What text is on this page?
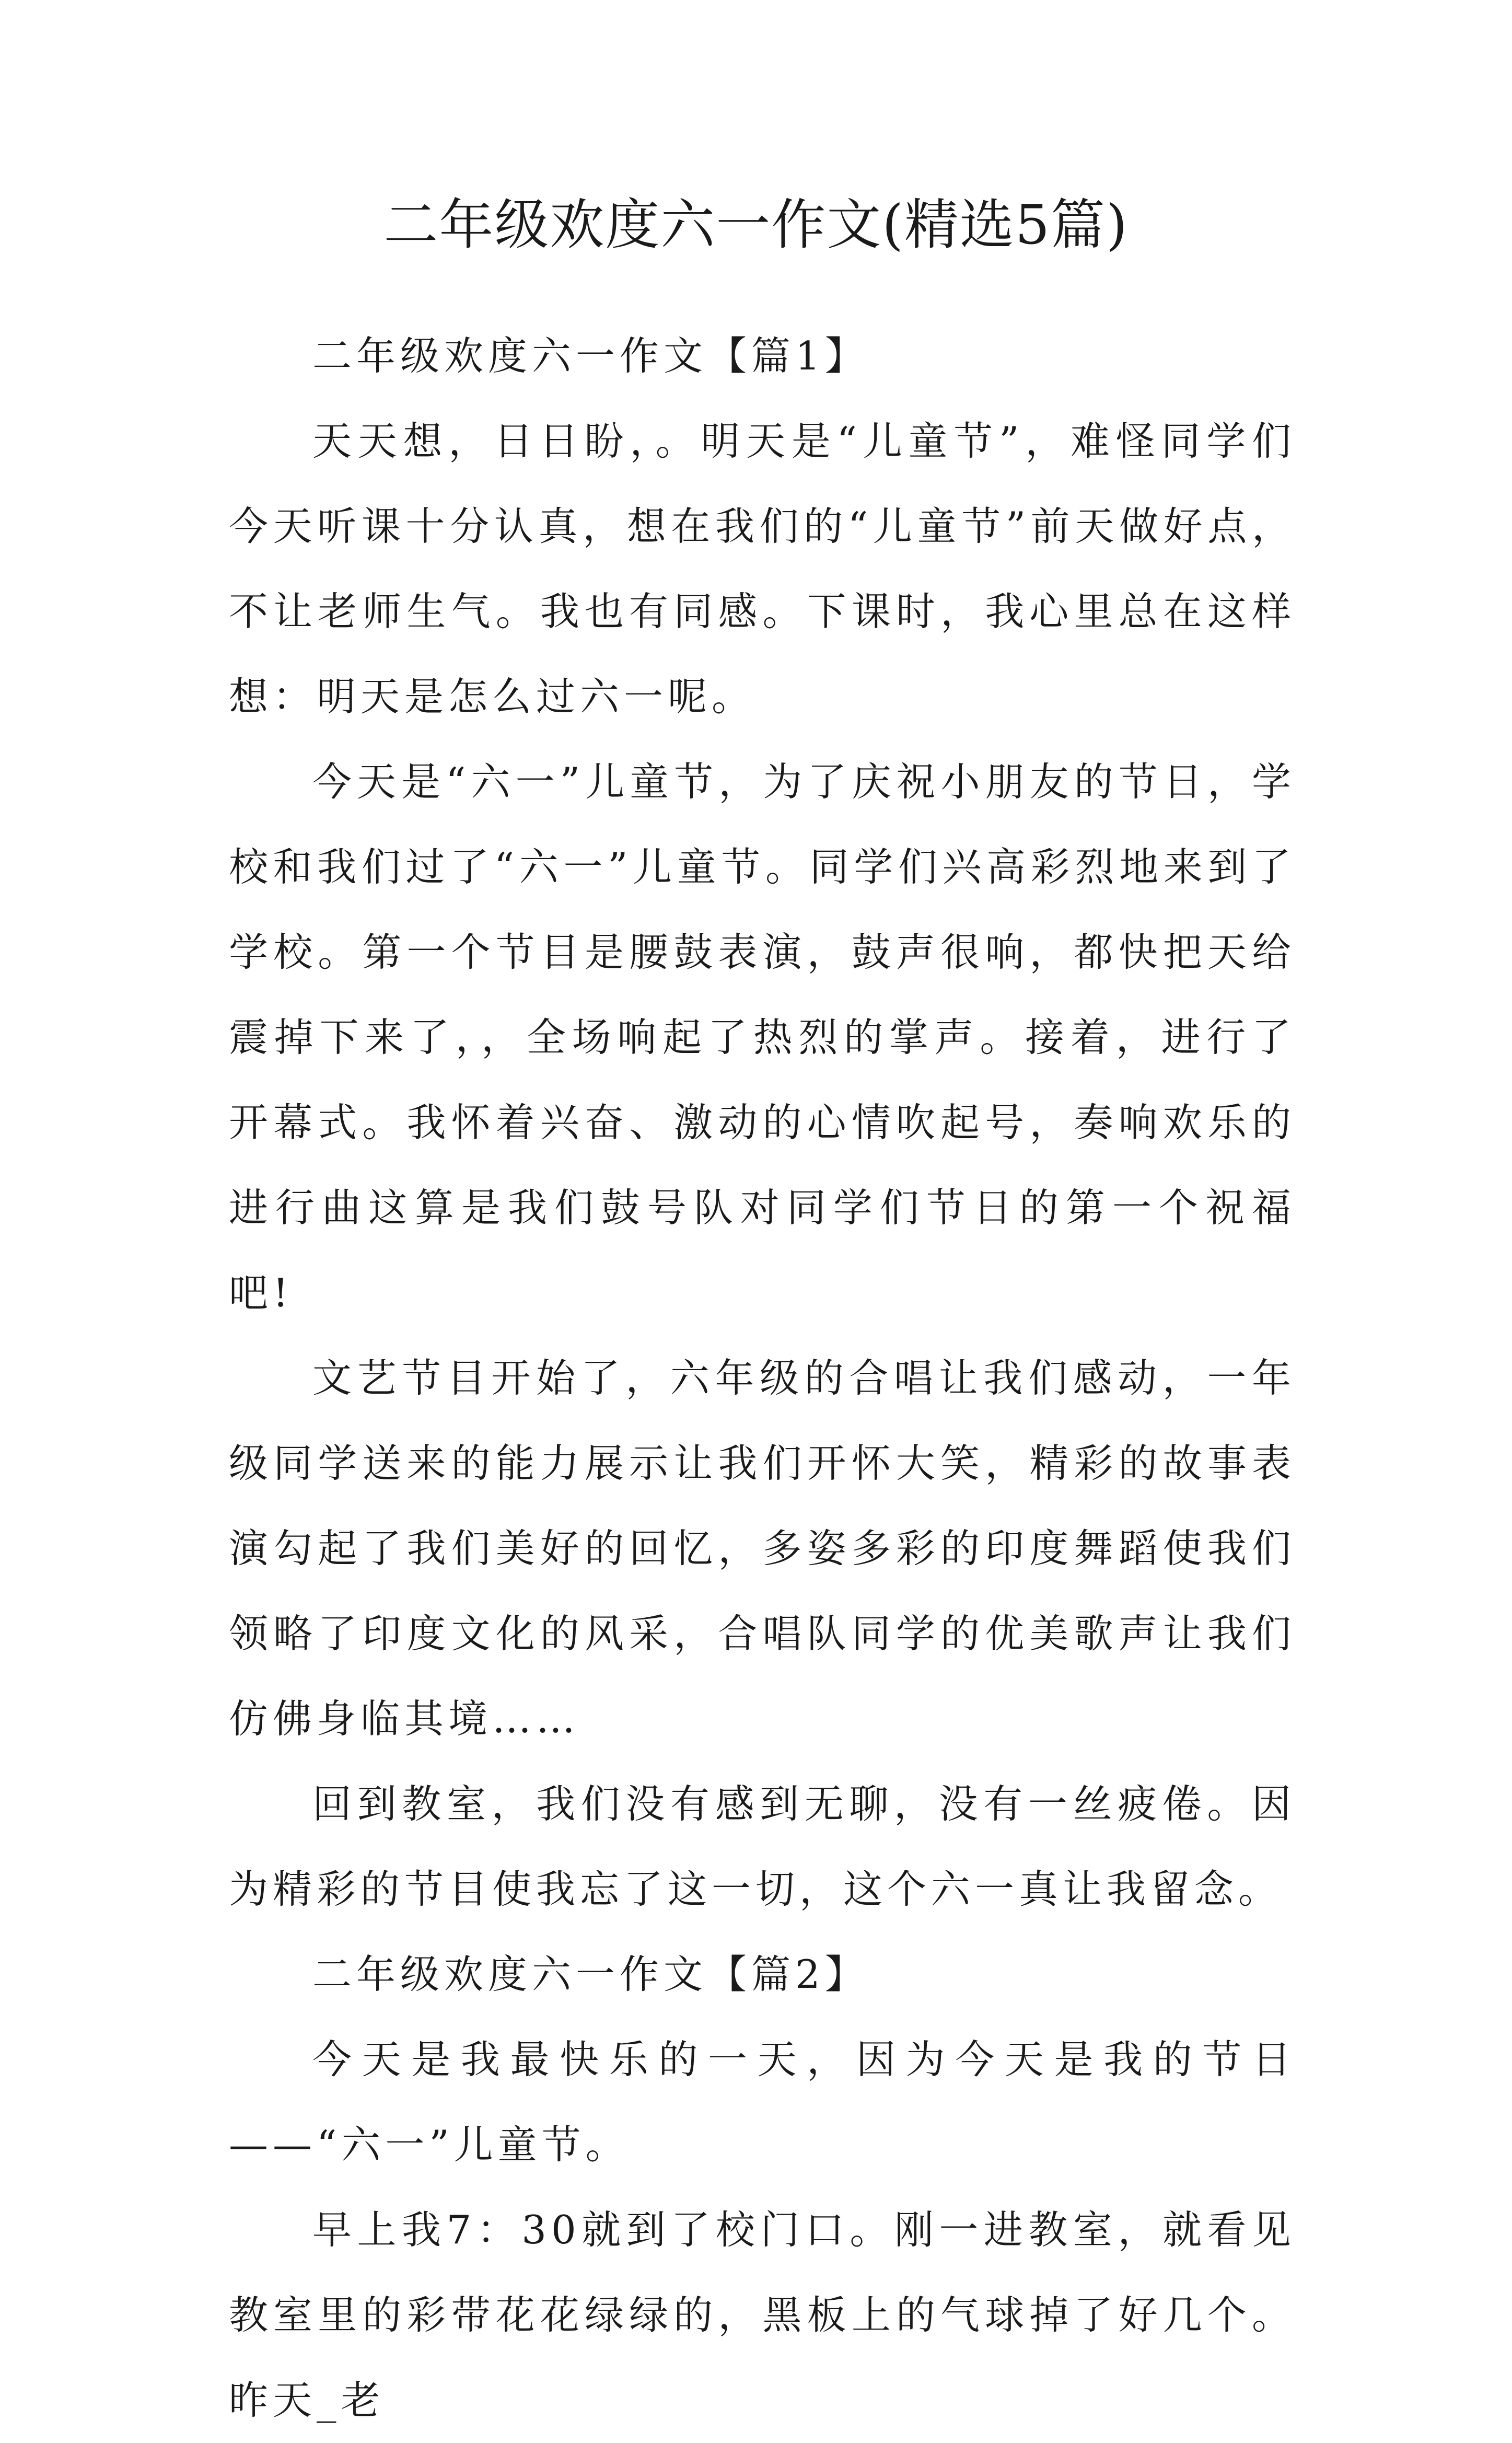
二年级欢度六一作文(精选5篇)

二年级欢度六一作文【篇1】

天天想，日日盼，。明天是“儿童节”，难怪同学们今天听课十分认真，想在我们的“儿童节”前天做好点，不让老师生气。我也有同感。下课时，我心里总在这样想：明天是怎么过六一呢。

今天是“六一”儿童节，为了庆祝小朋友的节日，学校和我们过了“六一”儿童节。同学们兴高彩烈地来到了学校。第一个节目是腰鼓表演，鼓声很响，都快把天给震掉下来了，，全场响起了热烈的掌声。接着，进行了开幕式。我怀着兴奋、激动的心情吹起号，奏响欢乐的进行曲这算是我们鼓号队对同学们节日的第一个祝福吧!

文艺节目开始了，六年级的合唱让我们感动，一年级同学送来的能力展示让我们开怀大笑，精彩的故事表演勾起了我们美好的回忆，多姿多彩的印度舞蹈使我们领略了印度文化的风采，合唱队同学的优美歌声让我们仿佛身临其境……

回到教室，我们没有感到无聊，没有一丝疲倦。因为精彩的节目使我忘了这一切，这个六一真让我留念。

二年级欢度六一作文【篇2】

今天是我最快乐的一天，因为今天是我的节日——“六一”儿童节。

早上我7：30就到了校门口。刚一进教室，就看见教室里的彩带花花绿绿的，黑板上的气球掉了好几个。昨天_老
